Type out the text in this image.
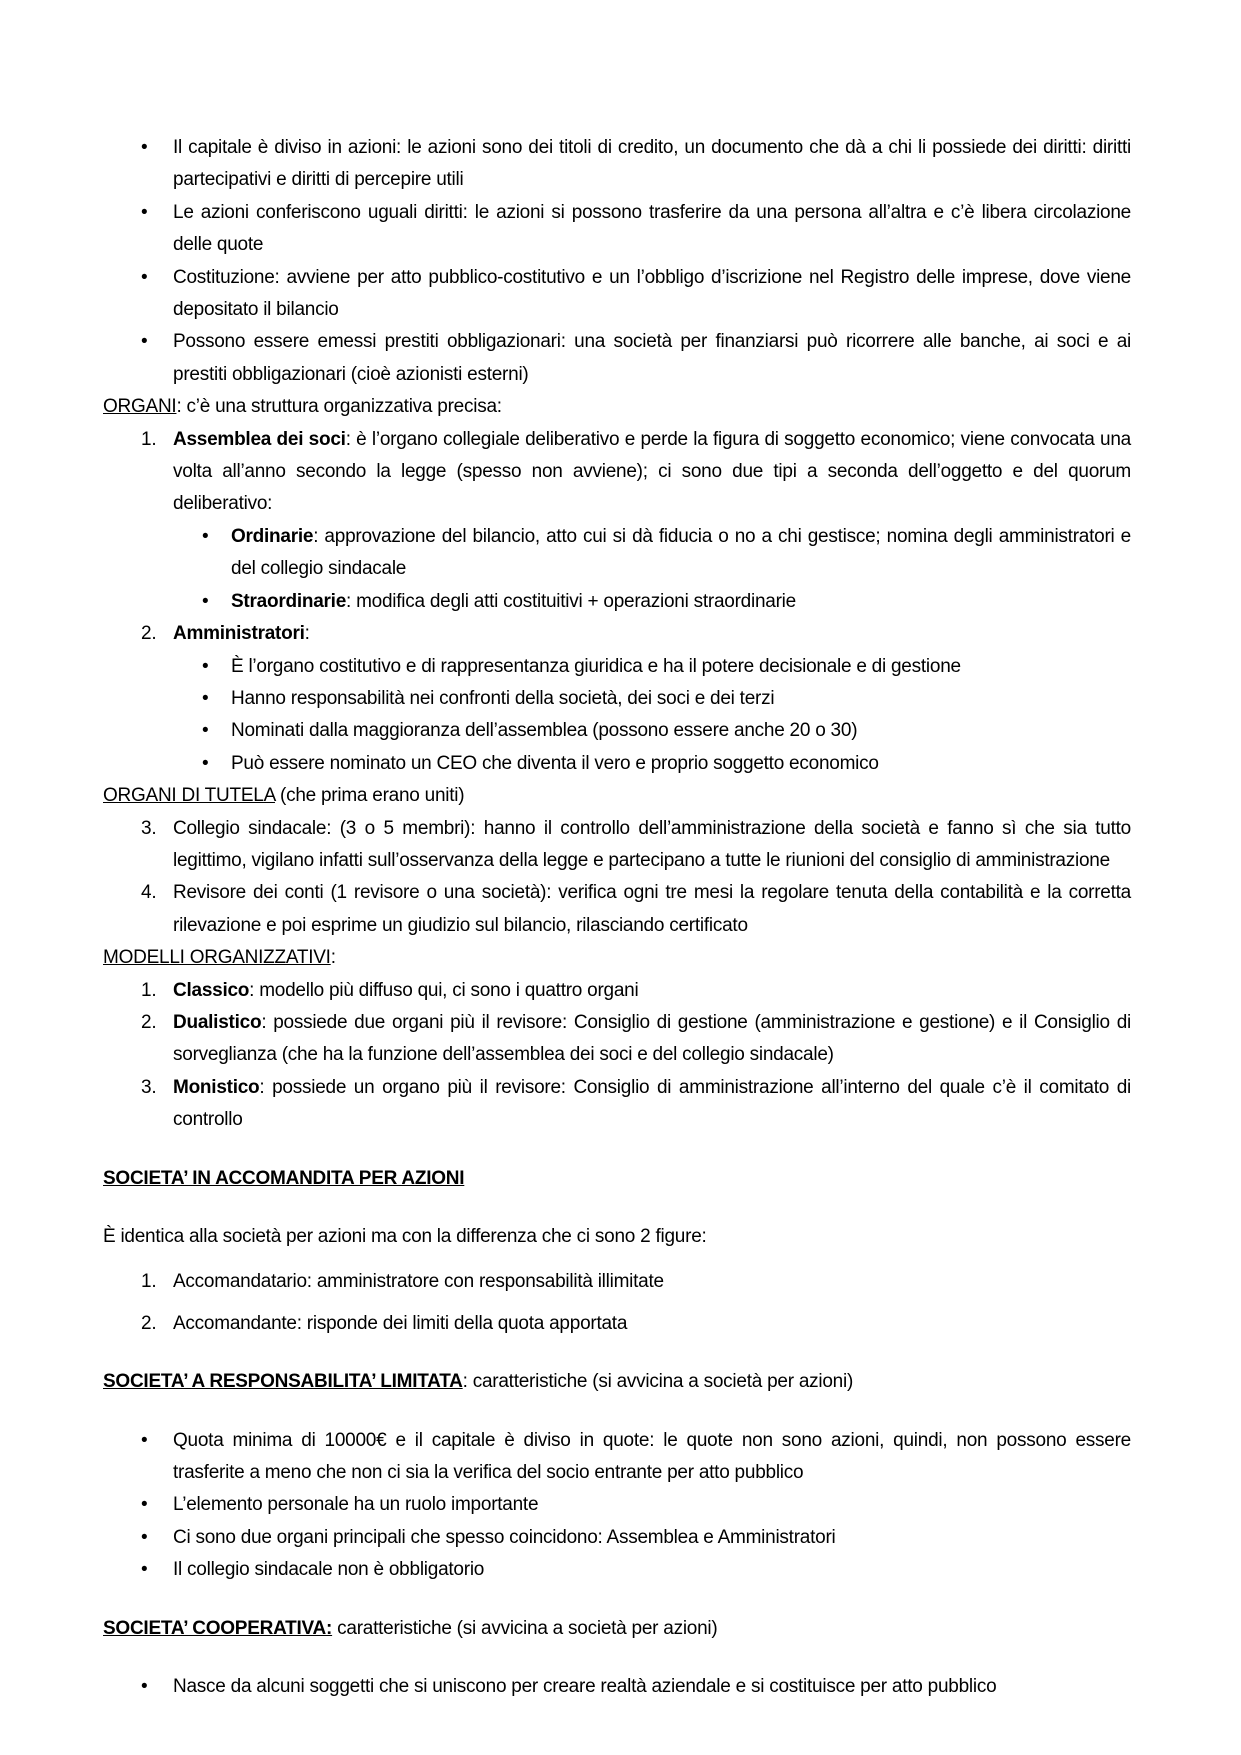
• Il capitale è diviso in azioni: le azioni sono dei titoli di credito, un documento che dà a chi li possiede dei diritti: diritti partecipativi e diritti di percepire utili
• Le azioni conferiscono uguali diritti: le azioni si possono trasferire da una persona all’altra e c’è libera circolazione delle quote
• Costituzione: avviene per atto pubblico-costitutivo e un l’obbligo d’iscrizione nel Registro delle imprese, dove viene depositato il bilancio
• Possono essere emessi prestiti obbligazionari: una società per finanziarsi può ricorrere alle banche, ai soci e ai prestiti obbligazionari (cioè azionisti esterni)
ORGANI: c’è una struttura organizzativa precisa:
1. Assemblea dei soci: è l’organo collegiale deliberativo e perde la figura di soggetto economico; viene convocata una volta all’anno secondo la legge (spesso non avviene); ci sono due tipi a seconda dell’oggetto e del quorum deliberativo:
• Ordinarie: approvazione del bilancio, atto cui si dà fiducia o no a chi gestisce; nomina degli amministratori e del collegio sindacale
• Straordinarie: modifica degli atti costituitivi + operazioni straordinarie
2. Amministratori:
• È l’organo costitutivo e di rappresentanza giuridica e ha il potere decisionale e di gestione
• Hanno responsabilità nei confronti della società, dei soci e dei terzi
• Nominati dalla maggioranza dell’assemblea (possono essere anche 20 o 30)
• Può essere nominato un CEO che diventa il vero e proprio soggetto economico
ORGANI DI TUTELA (che prima erano uniti)
3. Collegio sindacale: (3 o 5 membri): hanno il controllo dell’amministrazione della società e fanno sì che sia tutto legittimo, vigilano infatti sull’osservanza della legge e partecipano a tutte le riunioni del consiglio di amministrazione
4. Revisore dei conti (1 revisore o una società): verifica ogni tre mesi la regolare tenuta della contabilità e la corretta rilevazione e poi esprime un giudizio sul bilancio, rilasciando certificato
MODELLI ORGANIZZATIVI:
1. Classico: modello più diffuso qui, ci sono i quattro organi
2. Dualistico: possiede due organi più il revisore: Consiglio di gestione (amministrazione e gestione) e il Consiglio di sorveglianza (che ha la funzione dell’assemblea dei soci e del collegio sindacale)
3. Monistico: possiede un organo più il revisore: Consiglio di amministrazione all’interno del quale c’è il comitato di controllo
SOCIETA’ IN ACCOMANDITA PER AZIONI
È identica alla società per azioni ma con la differenza che ci sono 2 figure:
1. Accomandatario: amministratore con responsabilità illimitate
2. Accomandante: risponde dei limiti della quota apportata
SOCIETA’ A RESPONSABILITA’ LIMITATA: caratteristiche (si avvicina a società per azioni)
• Quota minima di 10000€ e il capitale è diviso in quote: le quote non sono azioni, quindi, non possono essere trasferite a meno che non ci sia la verifica del socio entrante per atto pubblico
• L’elemento personale ha un ruolo importante
• Ci sono due organi principali che spesso coincidono: Assemblea e Amministratori
• Il collegio sindacale non è obbligatorio
SOCIETA’ COOPERATIVA: caratteristiche (si avvicina a società per azioni)
• Nasce da alcuni soggetti che si uniscono per creare realtà aziendale e si costituisce per atto pubblico
